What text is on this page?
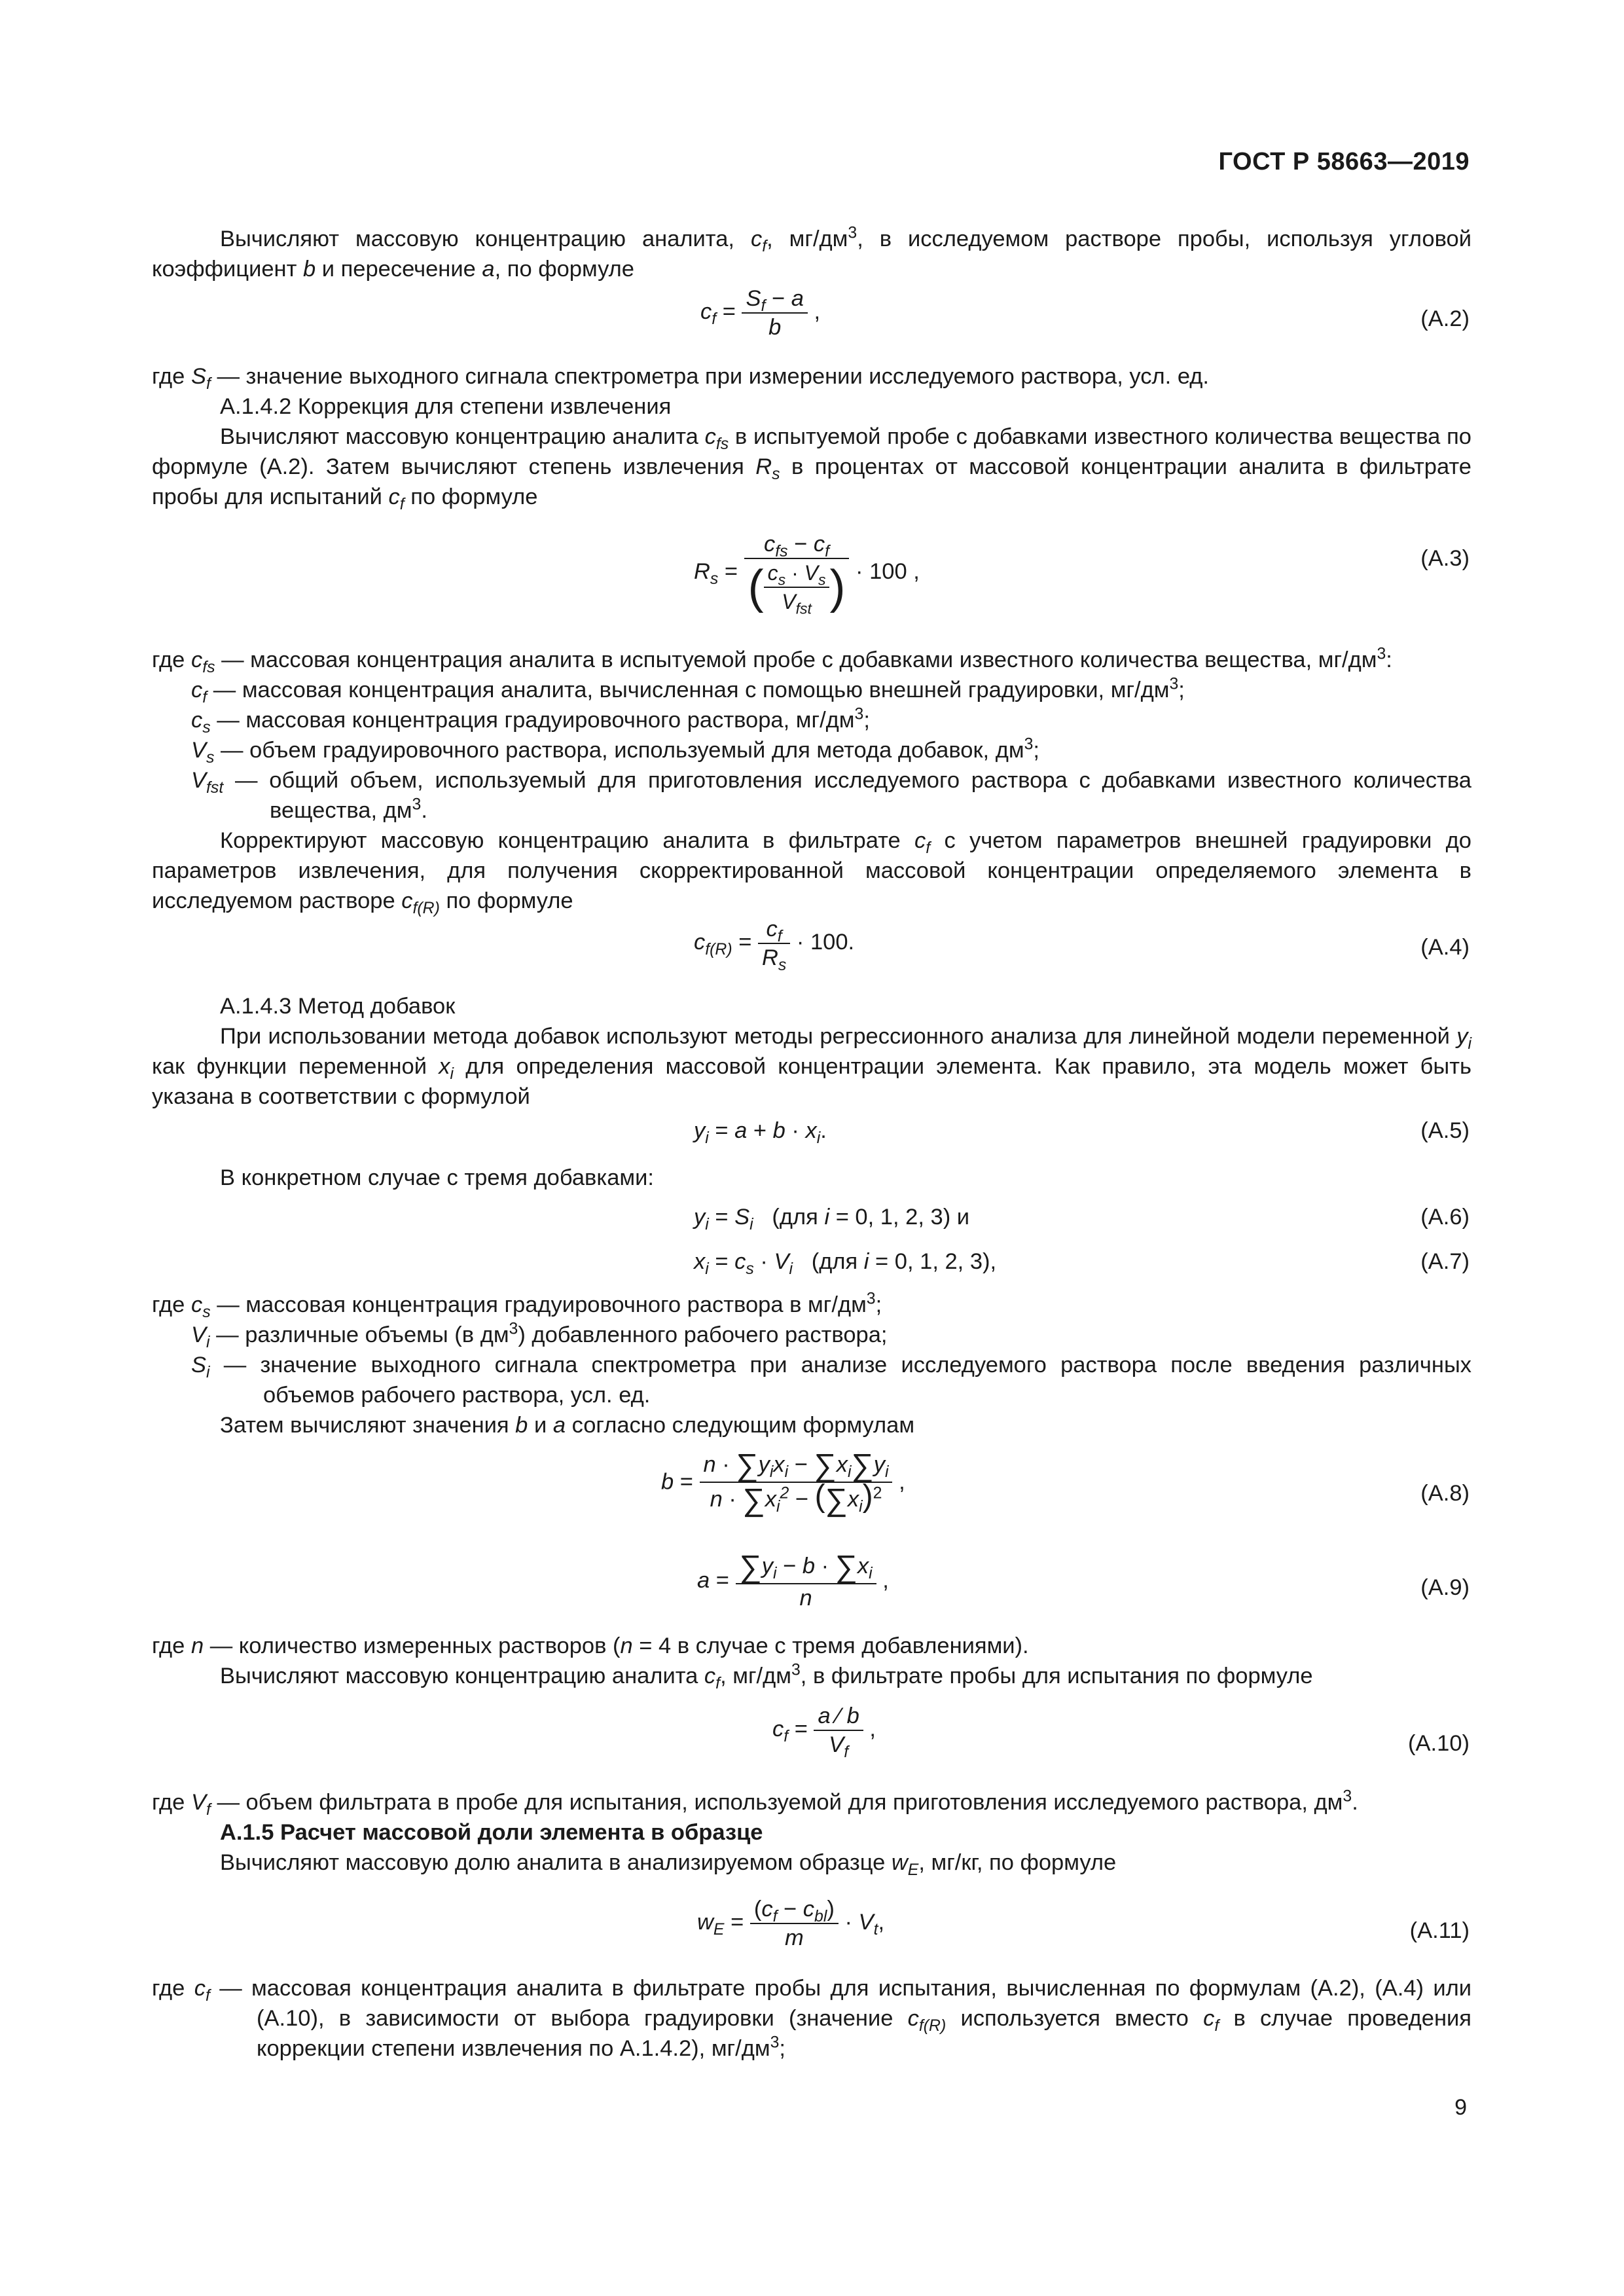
ГОСТ Р 58663—2019

Вычисляют массовую концентрацию аналита, $c_f$, $мг/дм^3$, в исследуемом растворе пробы, используя угловой коэффициент b и пересечение a, по формуле

$c_f = \frac{S_f - a}{b}$ ,	(А.2)

где $S_f$ — значение выходного сигнала спектрометра при измерении исследуемого раствора, усл. ед.

А.1.4.2 Коррекция для степени извлечения

Вычисляют массовую концентрацию аналита $c_{fs}$ в испытуемой пробе с добавками известного количества вещества по формуле (А.2). Затем вычисляют степень извлечения $R_s$ в процентах от массовой концентрации аналита в фильтрате пробы для испытаний $c_f$ по формуле

$R_s = \frac{c_{fs} - c_f}{( \frac{c_s \cdot V_s}{V_{fst}} )} \cdot 100$ ,
(А.3)

где $c_{fs}$ — массовая концентрация аналита в испытуемой пробе с добавками известного количества вещества, $мг/дм^3$:

$c_f$ — массовая концентрация аналита, вычисленная с помощью внешней градуировки, $мг/дм^3$;

$c_s$ — массовая концентрация градуировочного раствора, $мг/дм^3$;

$V_s$ — объем градуировочного раствора, используемый для метода добавок, $дм^3$;

$V_{fst}$ — общий объем, используемый для приготовления исследуемого раствора с добавками известного количества вещества, $дм^3$.

Корректируют массовую концентрацию аналита в фильтрате $c_f$ с учетом параметров внешней градуировки до параметров извлечения, для получения скорректированной массовой концентрации определяемого элемента в исследуемом растворе $c_{f(R)}$ по формуле

$c_{f(R)} = \frac{c_f}{R_s} \cdot 100$.	(А.4)

А.1.4.3 Метод добавок

При использовании метода добавок используют методы регрессионного анализа для линейной модели переменной $y_i$ как функции переменной $x_i$ для определения массовой концентрации элемента. Как правило, эта модель может быть указана в соответствии с формулой

$y_i = a + b \cdot x_i$.	(А.5)

В конкретном случае с тремя добавками:

$y_i = S_i$   (для i = 0, 1, 2, 3) и	(А.6)
$x_i = c_s \cdot V_i$   (для i = 0, 1, 2, 3),	(А.7)

где $c_s$ — массовая концентрация градуировочного раствора в $мг/дм^3$;

$V_i$ — различные объемы (в $дм^3$) добавленного рабочего раствора;

$S_i$ — значение выходного сигнала спектрометра при анализе исследуемого раствора после введения различных объемов рабочего раствора, усл. ед.

Затем вычисляют значения b и a согласно следующим формулам

$b = \frac{n \cdot \sum y_ix_i - \sum x_i\sum y_i}{n \cdot \sum x_i^2 - (\sum x_i)^2}$ ,	(А.8)
$a = \frac{\sum y_i - b \cdot \sum x_i}{n}$ ,	(А.9)

где n — количество измеренных растворов (n = 4 в случае с тремя добавлениями).

Вычисляют массовую концентрацию аналита $c_f$, $мг/дм^3$, в фильтрате пробы для испытания по формуле

$c_f = \frac{a ⁄ b}{V_f}$ ,
(А.10)

где $V_f$ — объем фильтрата в пробе для испытания, используемой для приготовления исследуемого раствора, $дм^3$.

А.1.5 Расчет массовой доли элемента в образце

Вычисляют массовую долю аналита в анализируемом образце $w_E$, мг/кг, по формуле

$w_E = \frac{(c_f - c_{bl})}{m} \cdot V_t$,	(А.11)

где $c_f$ — массовая концентрация аналита в фильтрате пробы для испытания, вычисленная по формулам (А.2), (А.4) или (А.10), в зависимости от выбора градуировки (значение $c_{f(R)}$ используется вместо $c_f$ в случае проведения коррекции степени извлечения по А.1.4.2), $мг/дм^3$;

9
